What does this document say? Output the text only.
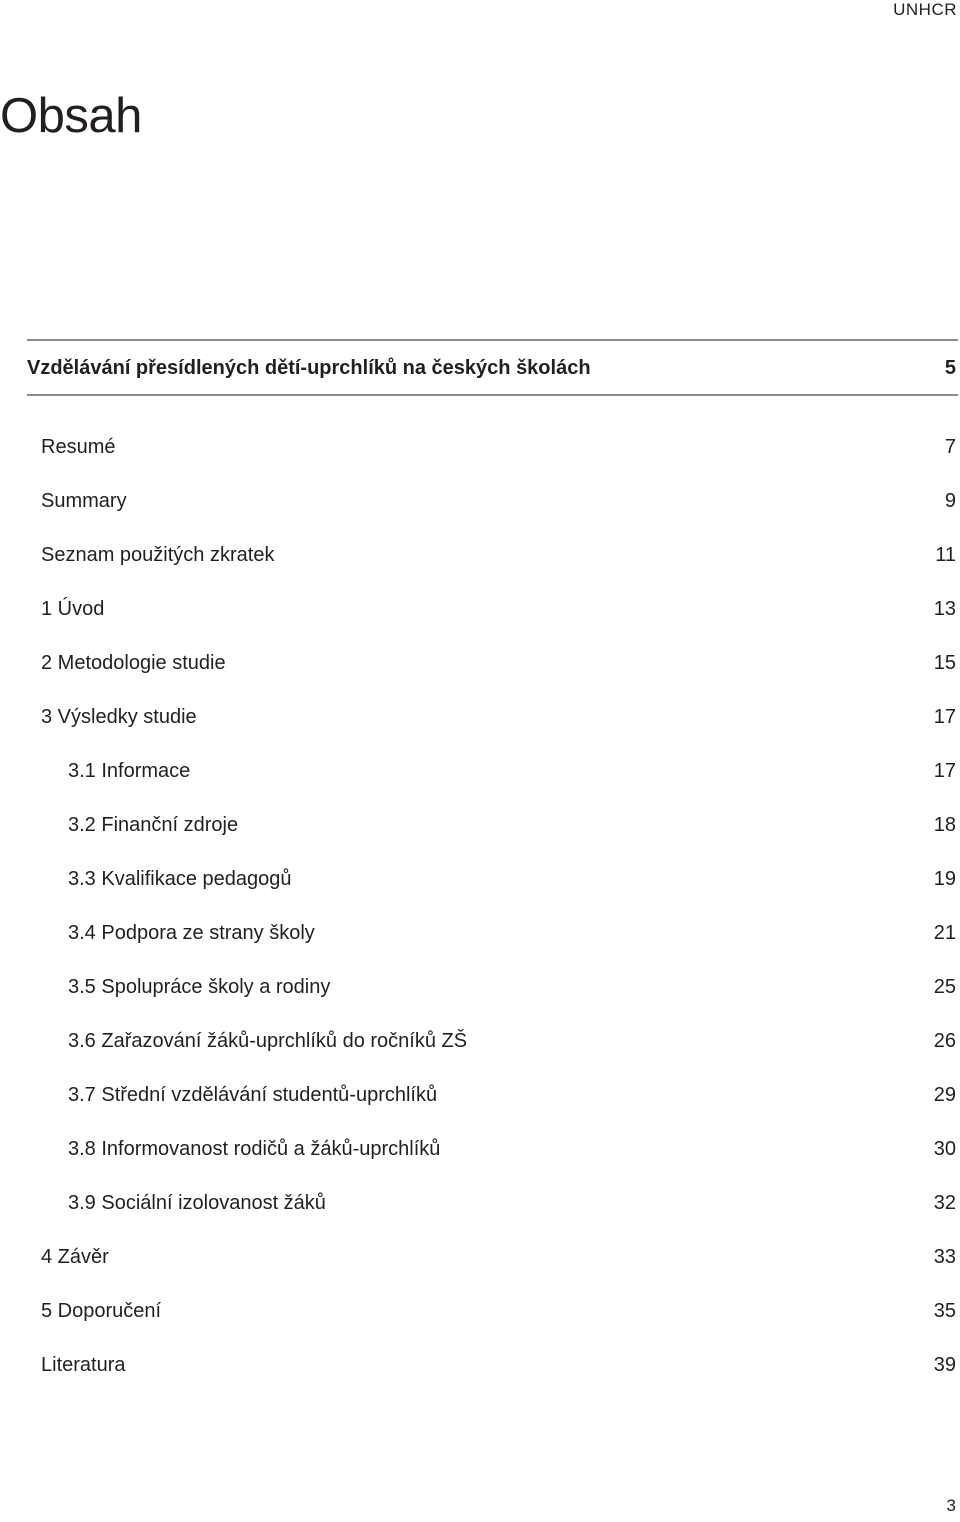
UNHCR
Obsah
Vzdělávání přesídlených dětí-uprchlíků na českých školách	5
Resumé	7
Summary	9
Seznam použitých zkratek	11
1 Úvod	13
2 Metodologie studie	15
3 Výsledky studie	17
3.1 Informace	17
3.2 Finanční zdroje	18
3.3 Kvalifikace pedagogů	19
3.4 Podpora ze strany školy	21
3.5 Spolupráce školy a rodiny	25
3.6 Zařazování žáků-uprchlíků do ročníků ZŠ	26
3.7 Střední vzdělávání studentů-uprchlíků	29
3.8 Informovanost rodičů a žáků-uprchlíků	30
3.9 Sociální izolovanost žáků	32
4 Závěr	33
5 Doporučení	35
Literatura	39
3
